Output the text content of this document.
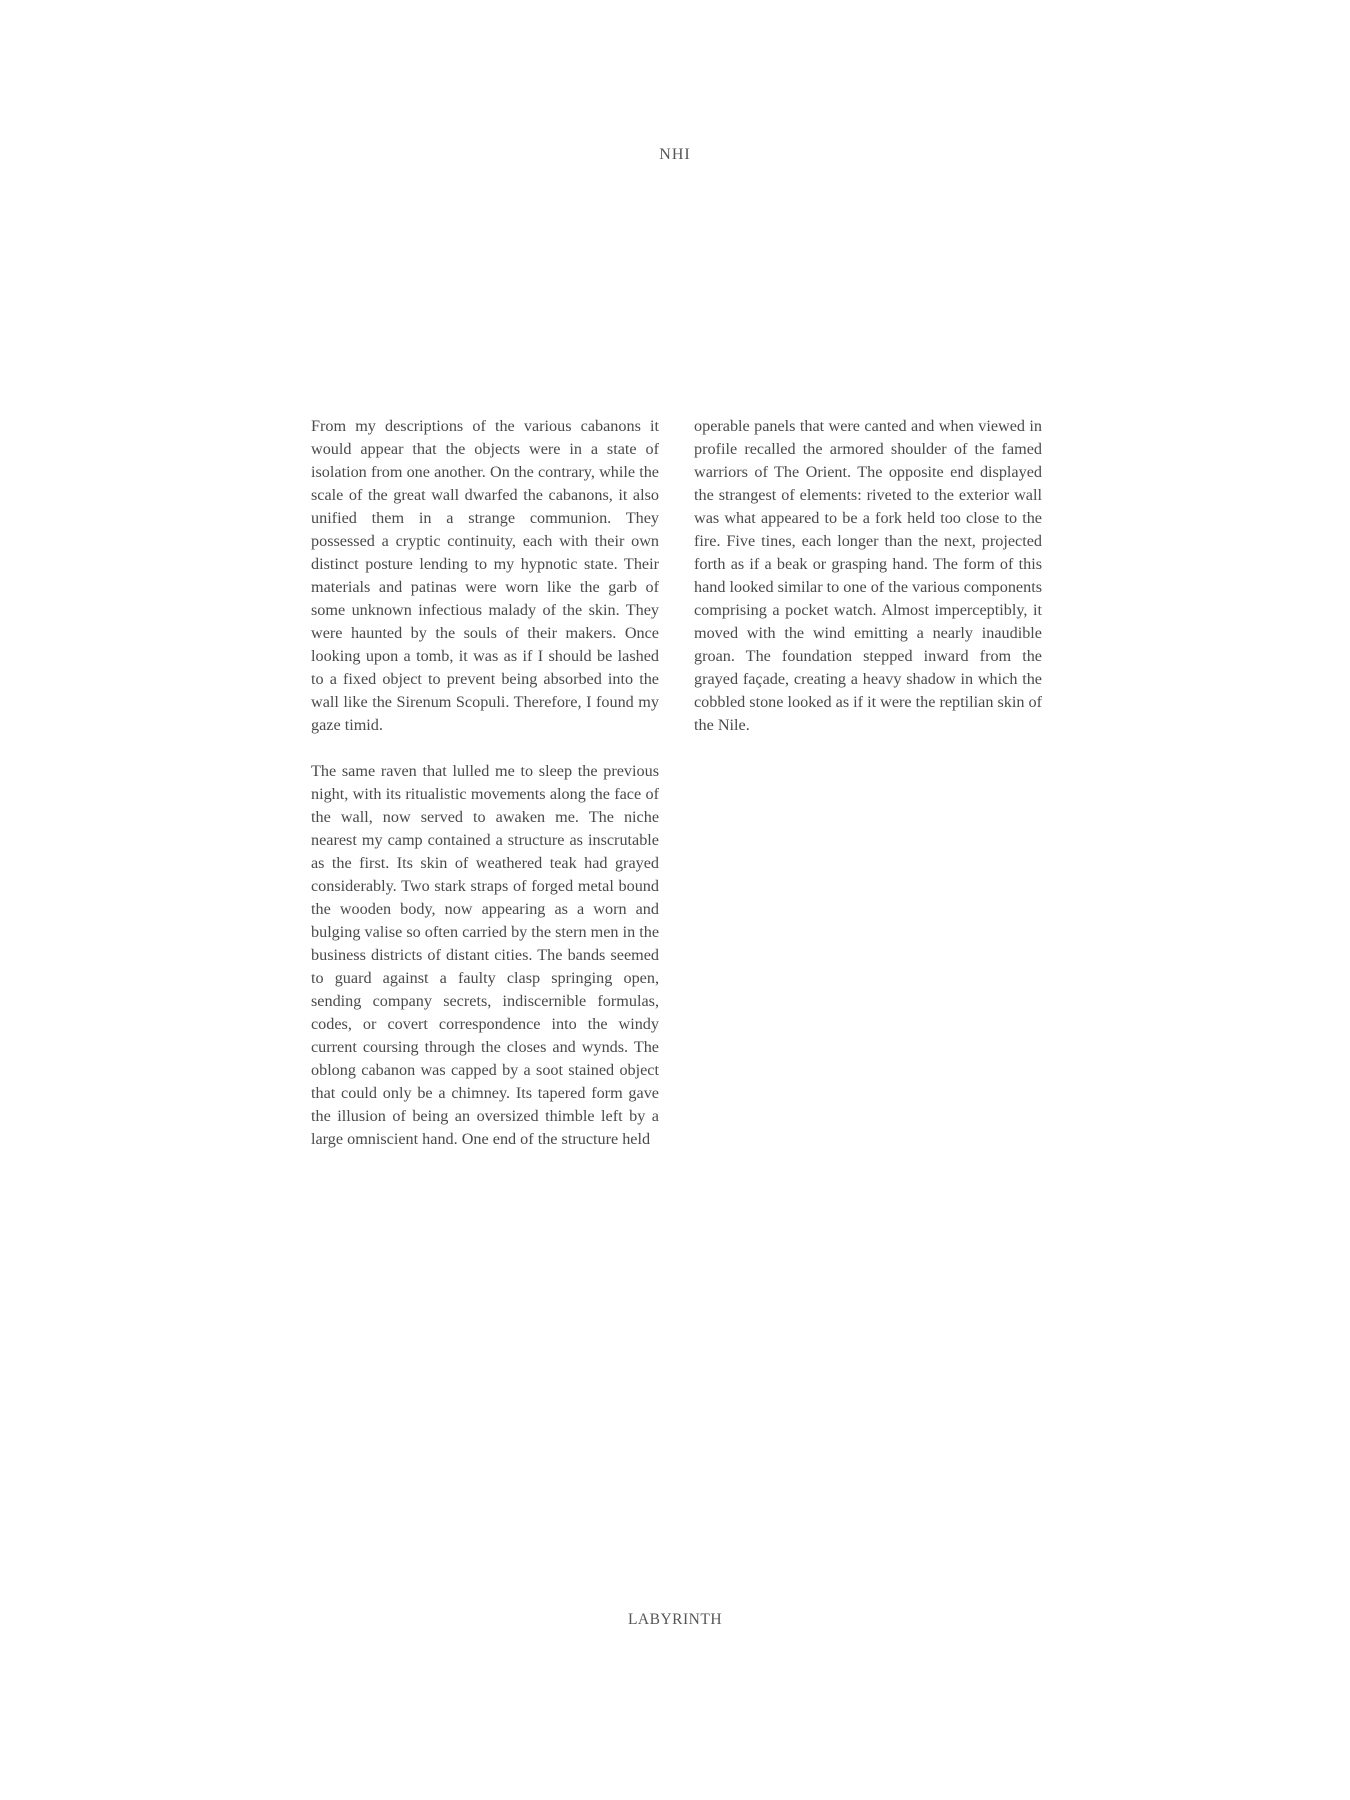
NHI

From my descriptions of the various cabanons it would appear that the objects were in a state of isolation from one another. On the contrary, while the scale of the great wall dwarfed the cabanons, it also unified them in a strange communion. They possessed a cryptic continuity, each with their own distinct posture lending to my hypnotic state. Their materials and patinas were worn like the garb of some unknown infectious malady of the skin. They were haunted by the souls of their makers. Once looking upon a tomb, it was as if I should be lashed to a fixed object to prevent being absorbed into the wall like the Sirenum Scopuli. Therefore, I found my gaze timid.

The same raven that lulled me to sleep the previous night, with its ritualistic movements along the face of the wall, now served to awaken me. The niche nearest my camp contained a structure as inscrutable as the first. Its skin of weathered teak had grayed considerably. Two stark straps of forged metal bound the wooden body, now appearing as a worn and bulging valise so often carried by the stern men in the business districts of distant cities. The bands seemed to guard against a faulty clasp springing open, sending company secrets, indiscernible formulas, codes, or covert correspondence into the windy current coursing through the closes and wynds. The oblong cabanon was capped by a soot stained object that could only be a chimney. Its tapered form gave the illusion of being an oversized thimble left by a large omniscient hand. One end of the structure held

operable panels that were canted and when viewed in profile recalled the armored shoulder of the famed warriors of The Orient. The opposite end displayed the strangest of elements: riveted to the exterior wall was what appeared to be a fork held too close to the fire. Five tines, each longer than the next, projected forth as if a beak or grasping hand. The form of this hand looked similar to one of the various components comprising a pocket watch. Almost imperceptibly, it moved with the wind emitting a nearly inaudible groan. The foundation stepped inward from the grayed façade, creating a heavy shadow in which the cobbled stone looked as if it were the reptilian skin of the Nile.

LABYRINTH
